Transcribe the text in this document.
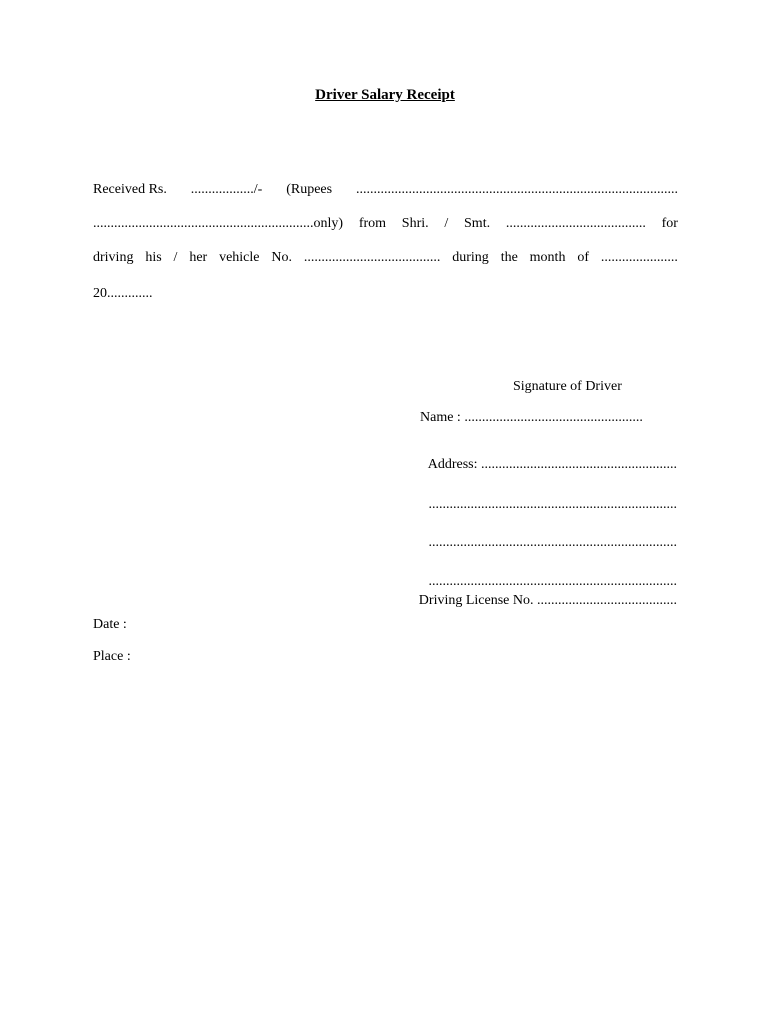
Driver Salary Receipt
Received Rs. ................../- (Rupees ............................................................................................
...............................................................only) from Shri. / Smt. ........................................ for
driving his / her vehicle No. ....................................... during the month of ......................
20.............
Signature of Driver
Name : ...................................................
Address: ........................................................
.......................................................................
.......................................................................
.......................................................................
Driving License No. ........................................
Date :
Place :
